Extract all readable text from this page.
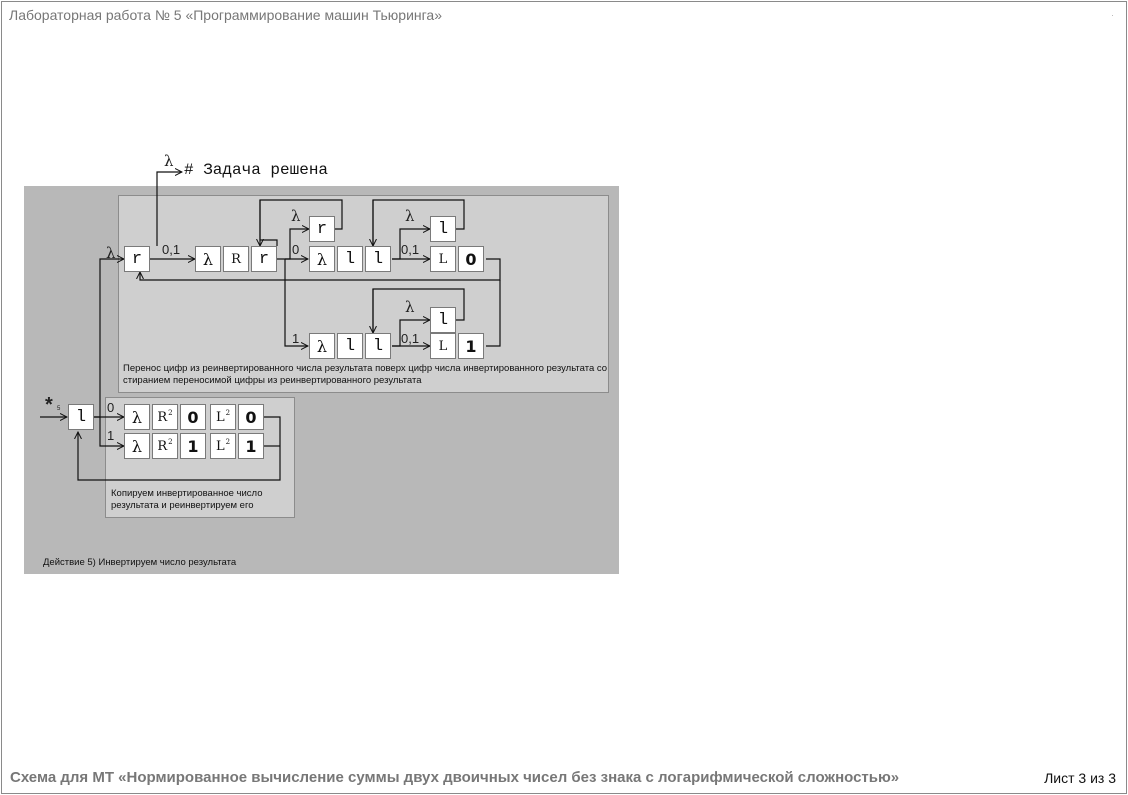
Лабораторная работа № 5 «Программирование машин Тьюринга»
# Задача решена
* 5 l
r	λ	R	r
r
λ	l	l
l
L	0
λ	l	l
l
L	1
λ	$R^2$ 0	$L^2$ 0
λ	$R^2$ 1	$L^2$ 1
λ
λ	0,1	0
1
λ	λ
0,1
λ
0,1
0
1
Перенос цифр из реинвертированного числа результата поверх цифр числа инвертированного результата со стиранием переносимой цифры из реинвертированного результата
Копируем инвертированное число результата и реинвертируем его
Действие 5) Инвертируем число результата
Схема для МТ «Нормированное вычисление суммы двух двоичных чисел без знака с логарифмической сложностью»	Лист 3 из 3
